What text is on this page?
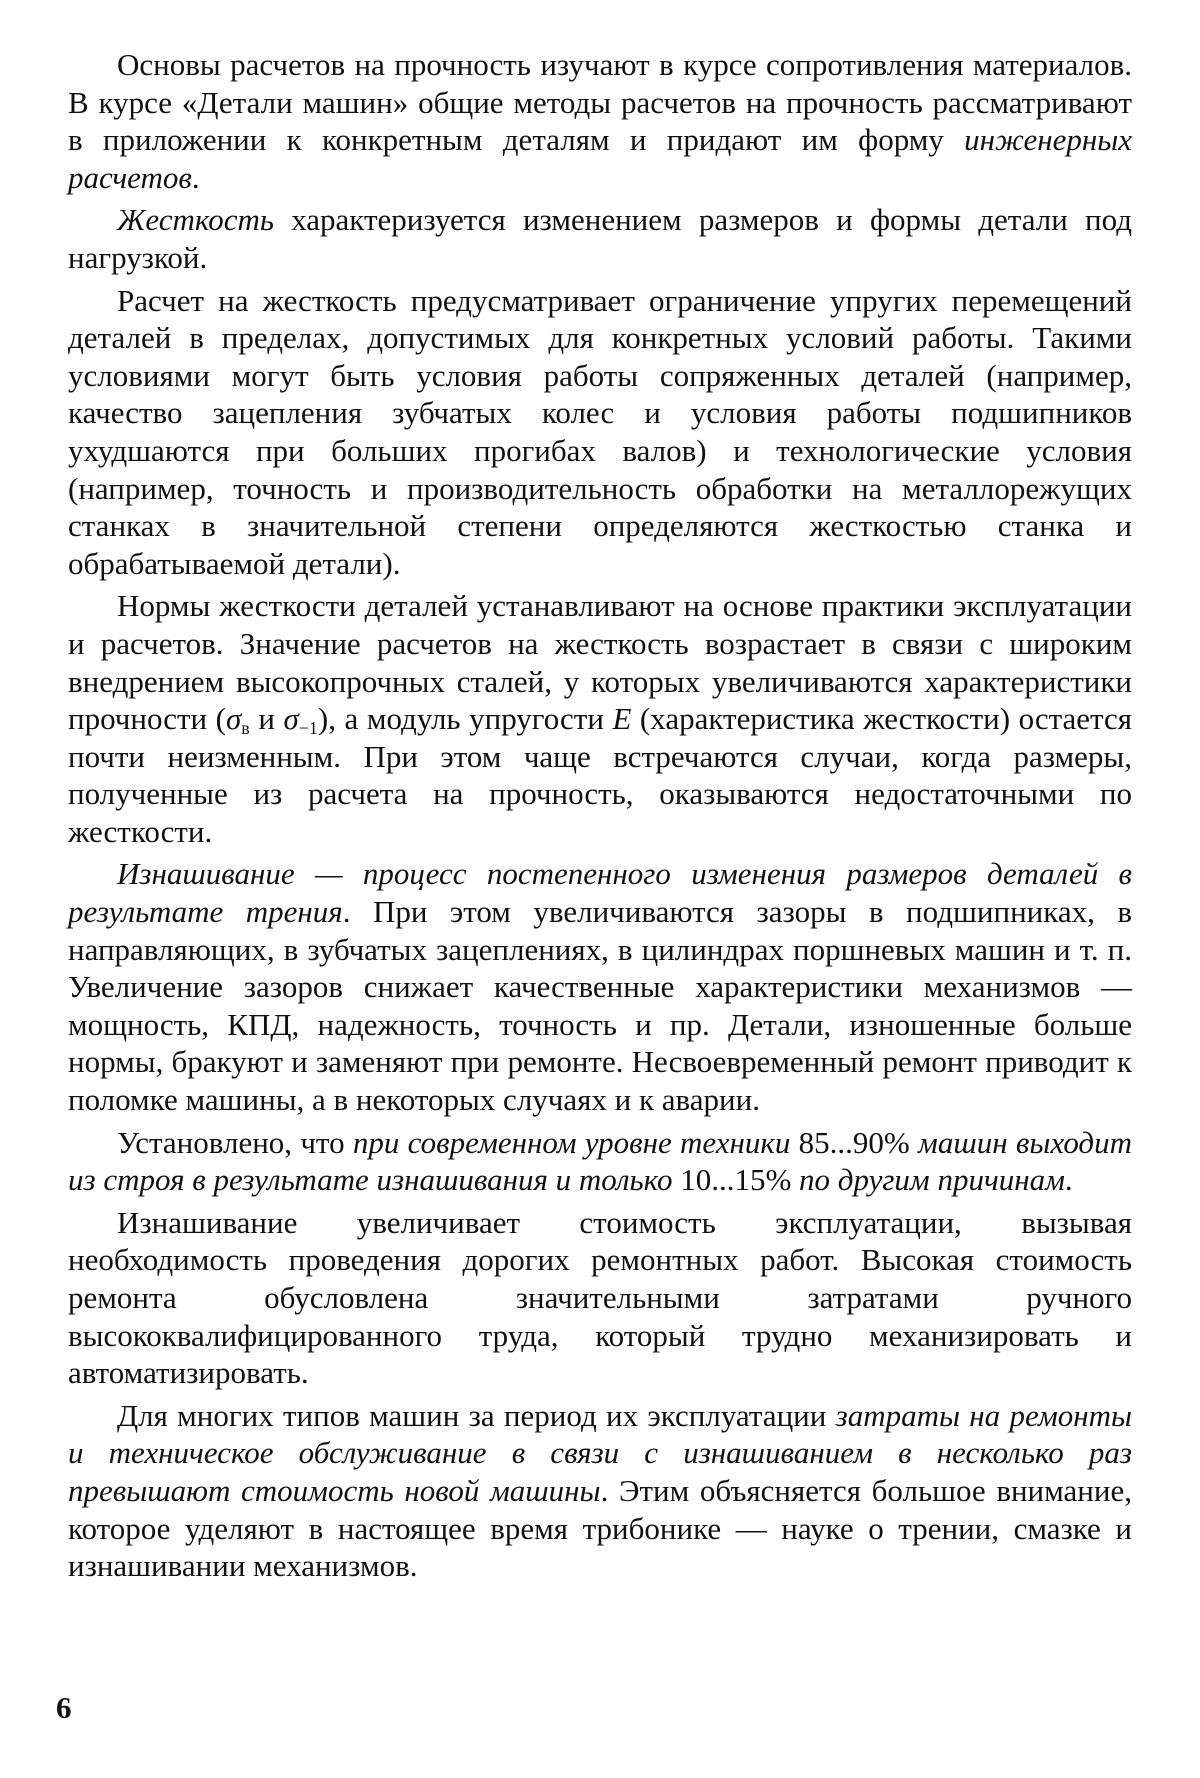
Основы расчетов на прочность изучают в курсе сопротивления материалов. В курсе «Детали машин» общие методы расчетов на прочность рассматривают в приложении к конкретным деталям и придают им форму инженерных расчетов.

Жесткость характеризуется изменением размеров и формы детали под нагрузкой.

Расчет на жесткость предусматривает ограничение упругих перемещений деталей в пределах, допустимых для конкретных условий работы. Такими условиями могут быть условия работы сопряженных деталей (например, качество зацепления зубчатых колес и условия работы подшипников ухудшаются при больших прогибах валов) и технологические условия (например, точность и производительность обработки на металлорежущих станках в значительной степени определяются жесткостью станка и обрабатываемой детали).

Нормы жесткости деталей устанавливают на основе практики эксплуатации и расчетов. Значение расчетов на жесткость возрастает в связи с широким внедрением высокопрочных сталей, у которых увеличиваются характеристики прочности ($\sigma_в$ и $\sigma_{-1}$), а модуль упругости E (характеристика жесткости) остается почти неизменным. При этом чаще встречаются случаи, когда размеры, полученные из расчета на прочность, оказываются недостаточными по жесткости.

Изнашивание — процесс постепенного изменения размеров деталей в результате трения. При этом увеличиваются зазоры в подшипниках, в направляющих, в зубчатых зацеплениях, в цилиндрах поршневых машин и т. п. Увеличение зазоров снижает качественные характеристики механизмов — мощность, КПД, надежность, точность и пр. Детали, изношенные больше нормы, бракуют и заменяют при ремонте. Несвоевременный ремонт приводит к поломке машины, а в некоторых случаях и к аварии.

Установлено, что при современном уровне техники 85...90% машин выходит из строя в результате изнашивания и только 10...15% по другим причинам.

Изнашивание увеличивает стоимость эксплуатации, вызывая необходимость проведения дорогих ремонтных работ. Высокая стоимость ремонта обусловлена значительными затратами ручного высококвалифицированного труда, который трудно механизировать и автоматизировать.

Для многих типов машин за период их эксплуатации затраты на ремонты и техническое обслуживание в связи с изнашиванием в несколько раз превышают стоимость новой машины. Этим объясняется большое внимание, которое уделяют в настоящее время трибонике — науке о трении, смазке и изнашивании механизмов.

6
